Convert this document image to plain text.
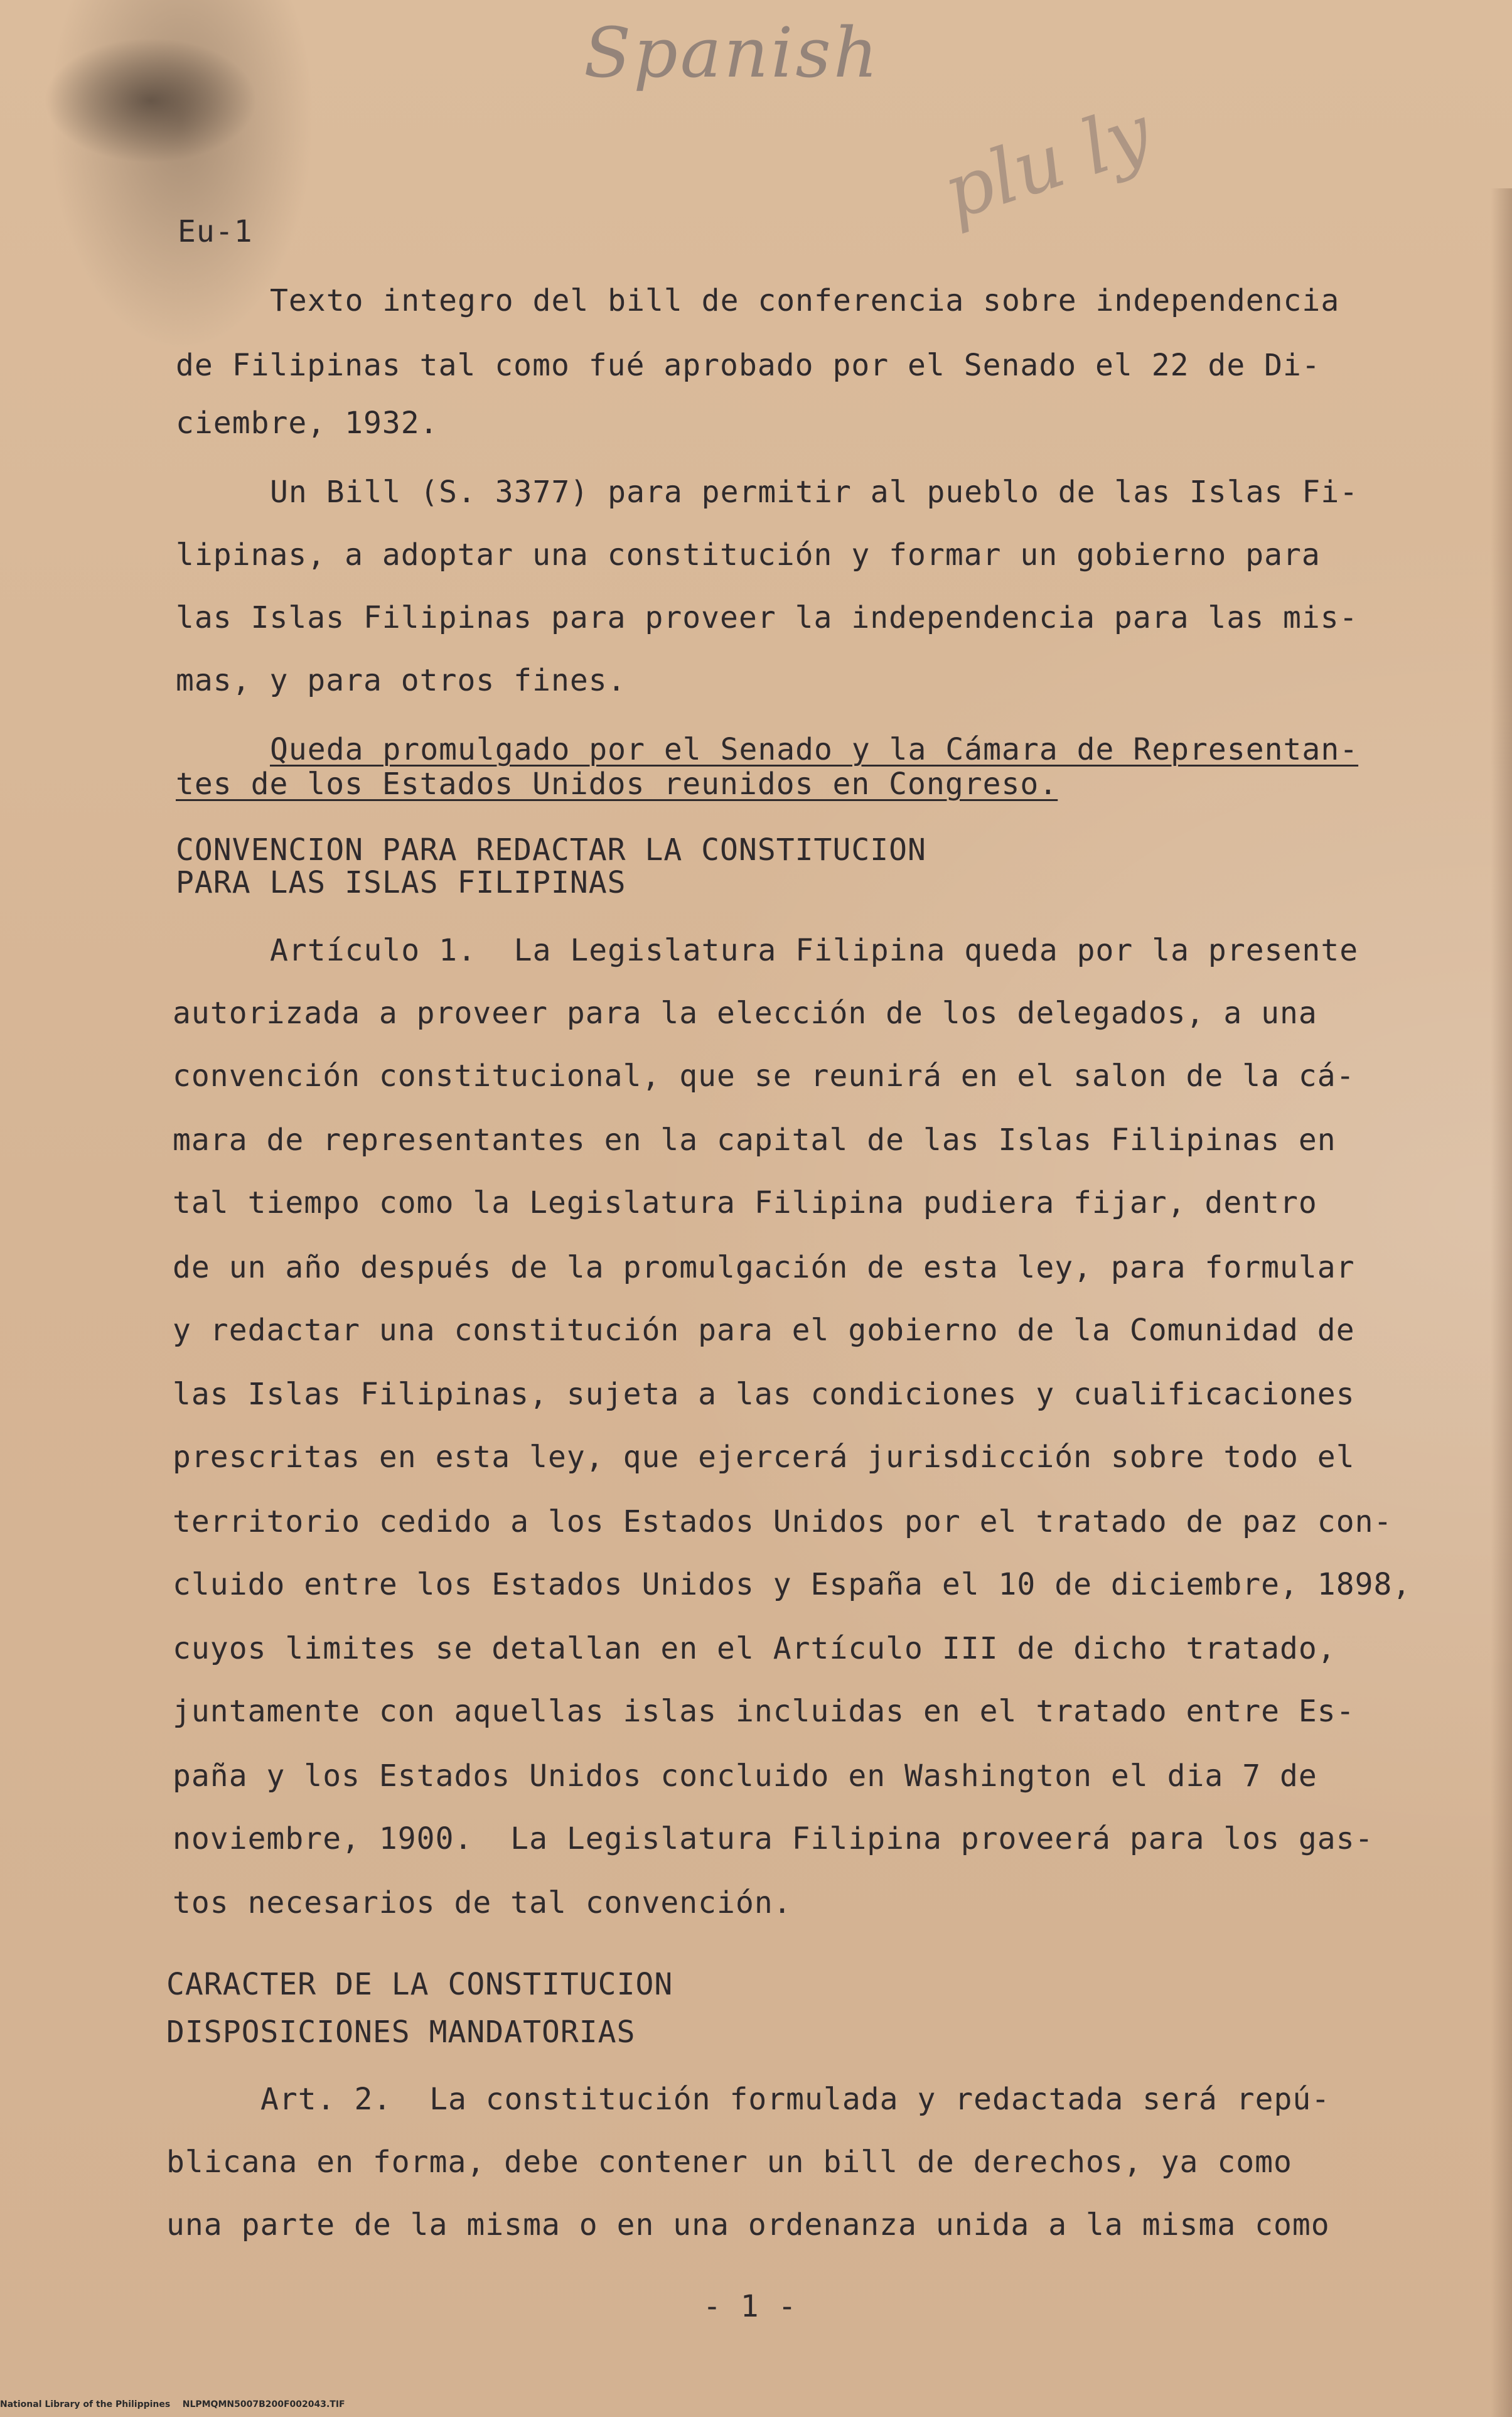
Spanish
plu ly
Eu-1
Texto integro del bill de conferencia sobre independencia
de Filipinas tal como fué aprobado por el Senado el 22 de Di-
ciembre, 1932.
Un Bill (S. 3377) para permitir al pueblo de las Islas Fi-
lipinas, a adoptar una constitución y formar un gobierno para
las Islas Filipinas para proveer la independencia para las mis-
mas, y para otros fines.
Queda promulgado por el Senado y la Cámara de Representan-
tes de los Estados Unidos reunidos en Congreso.
CONVENCION PARA REDACTAR LA CONSTITUCION
PARA LAS ISLAS FILIPINAS
Artículo 1.  La Legislatura Filipina queda por la presente
autorizada a proveer para la elección de los delegados, a una
convención constitucional, que se reunirá en el salon de la cá-
mara de representantes en la capital de las Islas Filipinas en
tal tiempo como la Legislatura Filipina pudiera fijar, dentro
de un año después de la promulgación de esta ley, para formular
y redactar una constitución para el gobierno de la Comunidad de
las Islas Filipinas, sujeta a las condiciones y cualificaciones
prescritas en esta ley, que ejercerá jurisdicción sobre todo el
territorio cedido a los Estados Unidos por el tratado de paz con-
cluido entre los Estados Unidos y España el 10 de diciembre, 1898,
cuyos limites se detallan en el Artículo III de dicho tratado,
juntamente con aquellas islas incluidas en el tratado entre Es-
paña y los Estados Unidos concluido en Washington el dia 7 de
noviembre, 1900.  La Legislatura Filipina proveerá para los gas-
tos necesarios de tal convención.
CARACTER DE LA CONSTITUCION
DISPOSICIONES MANDATORIAS
Art. 2.  La constitución formulada y redactada será repú-
blicana en forma, debe contener un bill de derechos, ya como
una parte de la misma o en una ordenanza unida a la misma como
- 1 -
National Library of the Philippines    NLPMQMN5007B200F002043.TIF
